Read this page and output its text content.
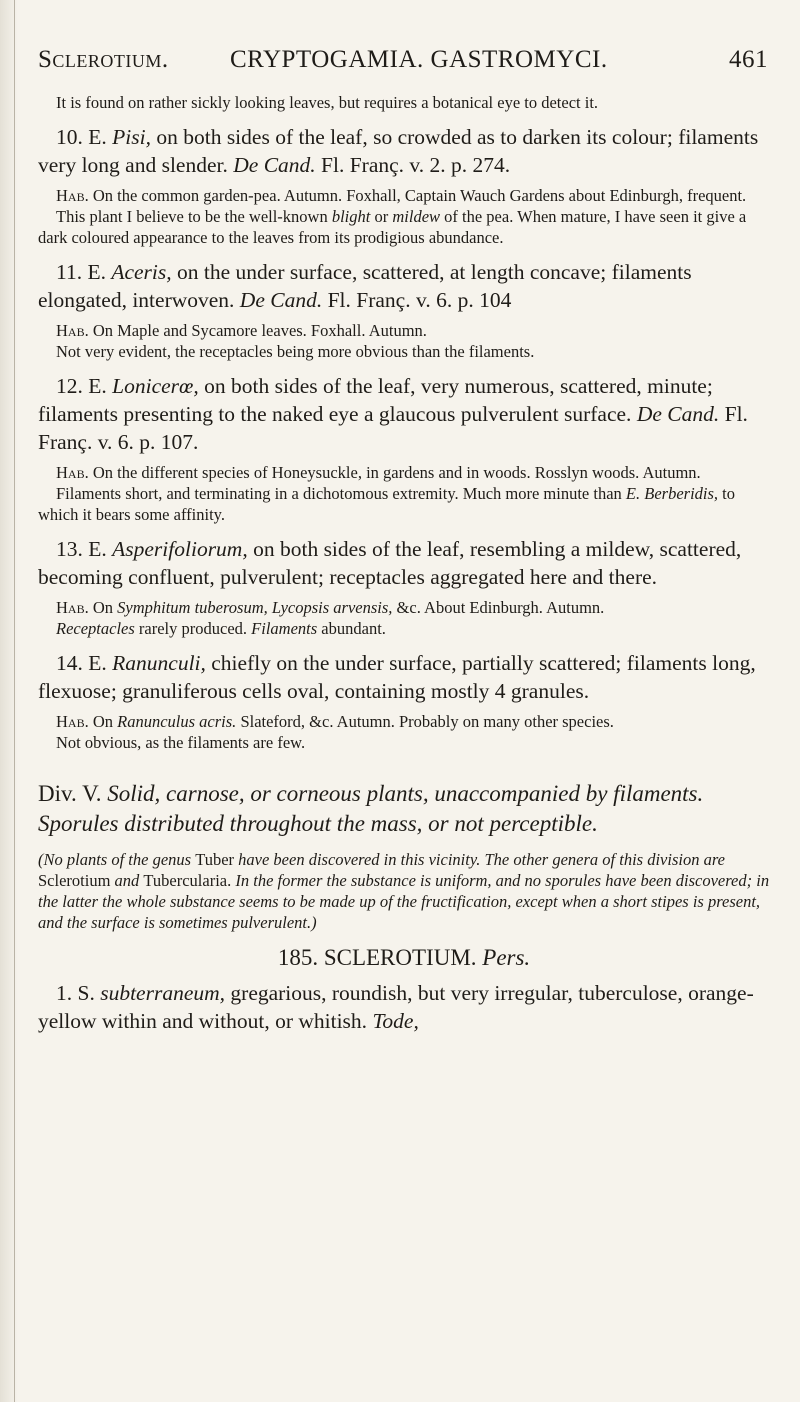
Sclerotium. CRYPTOGAMIA. GASTROMYCI.	461

It is found on rather sickly looking leaves, but requires a botanical eye to detect it.

10. E. Pisi, on both sides of the leaf, so crowded as to darken its colour; filaments very long and slender. De Cand. Fl. Franç. v. 2. p. 274.

Hab. On the common garden-pea. Autumn. Foxhall, Captain Wauch Gardens about Edinburgh, frequent.

This plant I believe to be the well-known blight or mildew of the pea. When mature, I have seen it give a dark coloured appearance to the leaves from its prodigious abundance.

11. E. Aceris, on the under surface, scattered, at length concave; filaments elongated, interwoven. De Cand. Fl. Franç. v. 6. p. 104

Hab. On Maple and Sycamore leaves. Foxhall. Autumn.

Not very evident, the receptacles being more obvious than the filaments.

12. E. Lonicerœ, on both sides of the leaf, very numerous, scattered, minute; filaments presenting to the naked eye a glaucous pulverulent surface. De Cand. Fl. Franç. v. 6. p. 107.

Hab. On the different species of Honeysuckle, in gardens and in woods. Rosslyn woods. Autumn.

Filaments short, and terminating in a dichotomous extremity. Much more minute than E. Berberidis, to which it bears some affinity.

13. E. Asperifoliorum, on both sides of the leaf, resembling a mildew, scattered, becoming confluent, pulverulent; receptacles aggregated here and there.

Hab. On Symphitum tuberosum, Lycopsis arvensis, &c. About Edinburgh. Autumn.

Receptacles rarely produced. Filaments abundant.

14. E. Ranunculi, chiefly on the under surface, partially scattered; filaments long, flexuose; granuliferous cells oval, containing mostly 4 granules.

Hab. On Ranunculus acris. Slateford, &c. Autumn. Probably on many other species.

Not obvious, as the filaments are few.

Div. V. Solid, carnose, or corneous plants, unaccompanied by filaments. Sporules distributed throughout the mass, or not perceptible.

(No plants of the genus Tuber have been discovered in this vicinity. The other genera of this division are Sclerotium and Tubercularia. In the former the substance is uniform, and no sporules have been discovered; in the latter the whole substance seems to be made up of the fructification, except when a short stipes is present, and the surface is sometimes pulverulent.)

185. SCLEROTIUM. Pers.

1. S. subterraneum, gregarious, roundish, but very irregular, tuberculose, orange-yellow within and without, or whitish. Tode,
